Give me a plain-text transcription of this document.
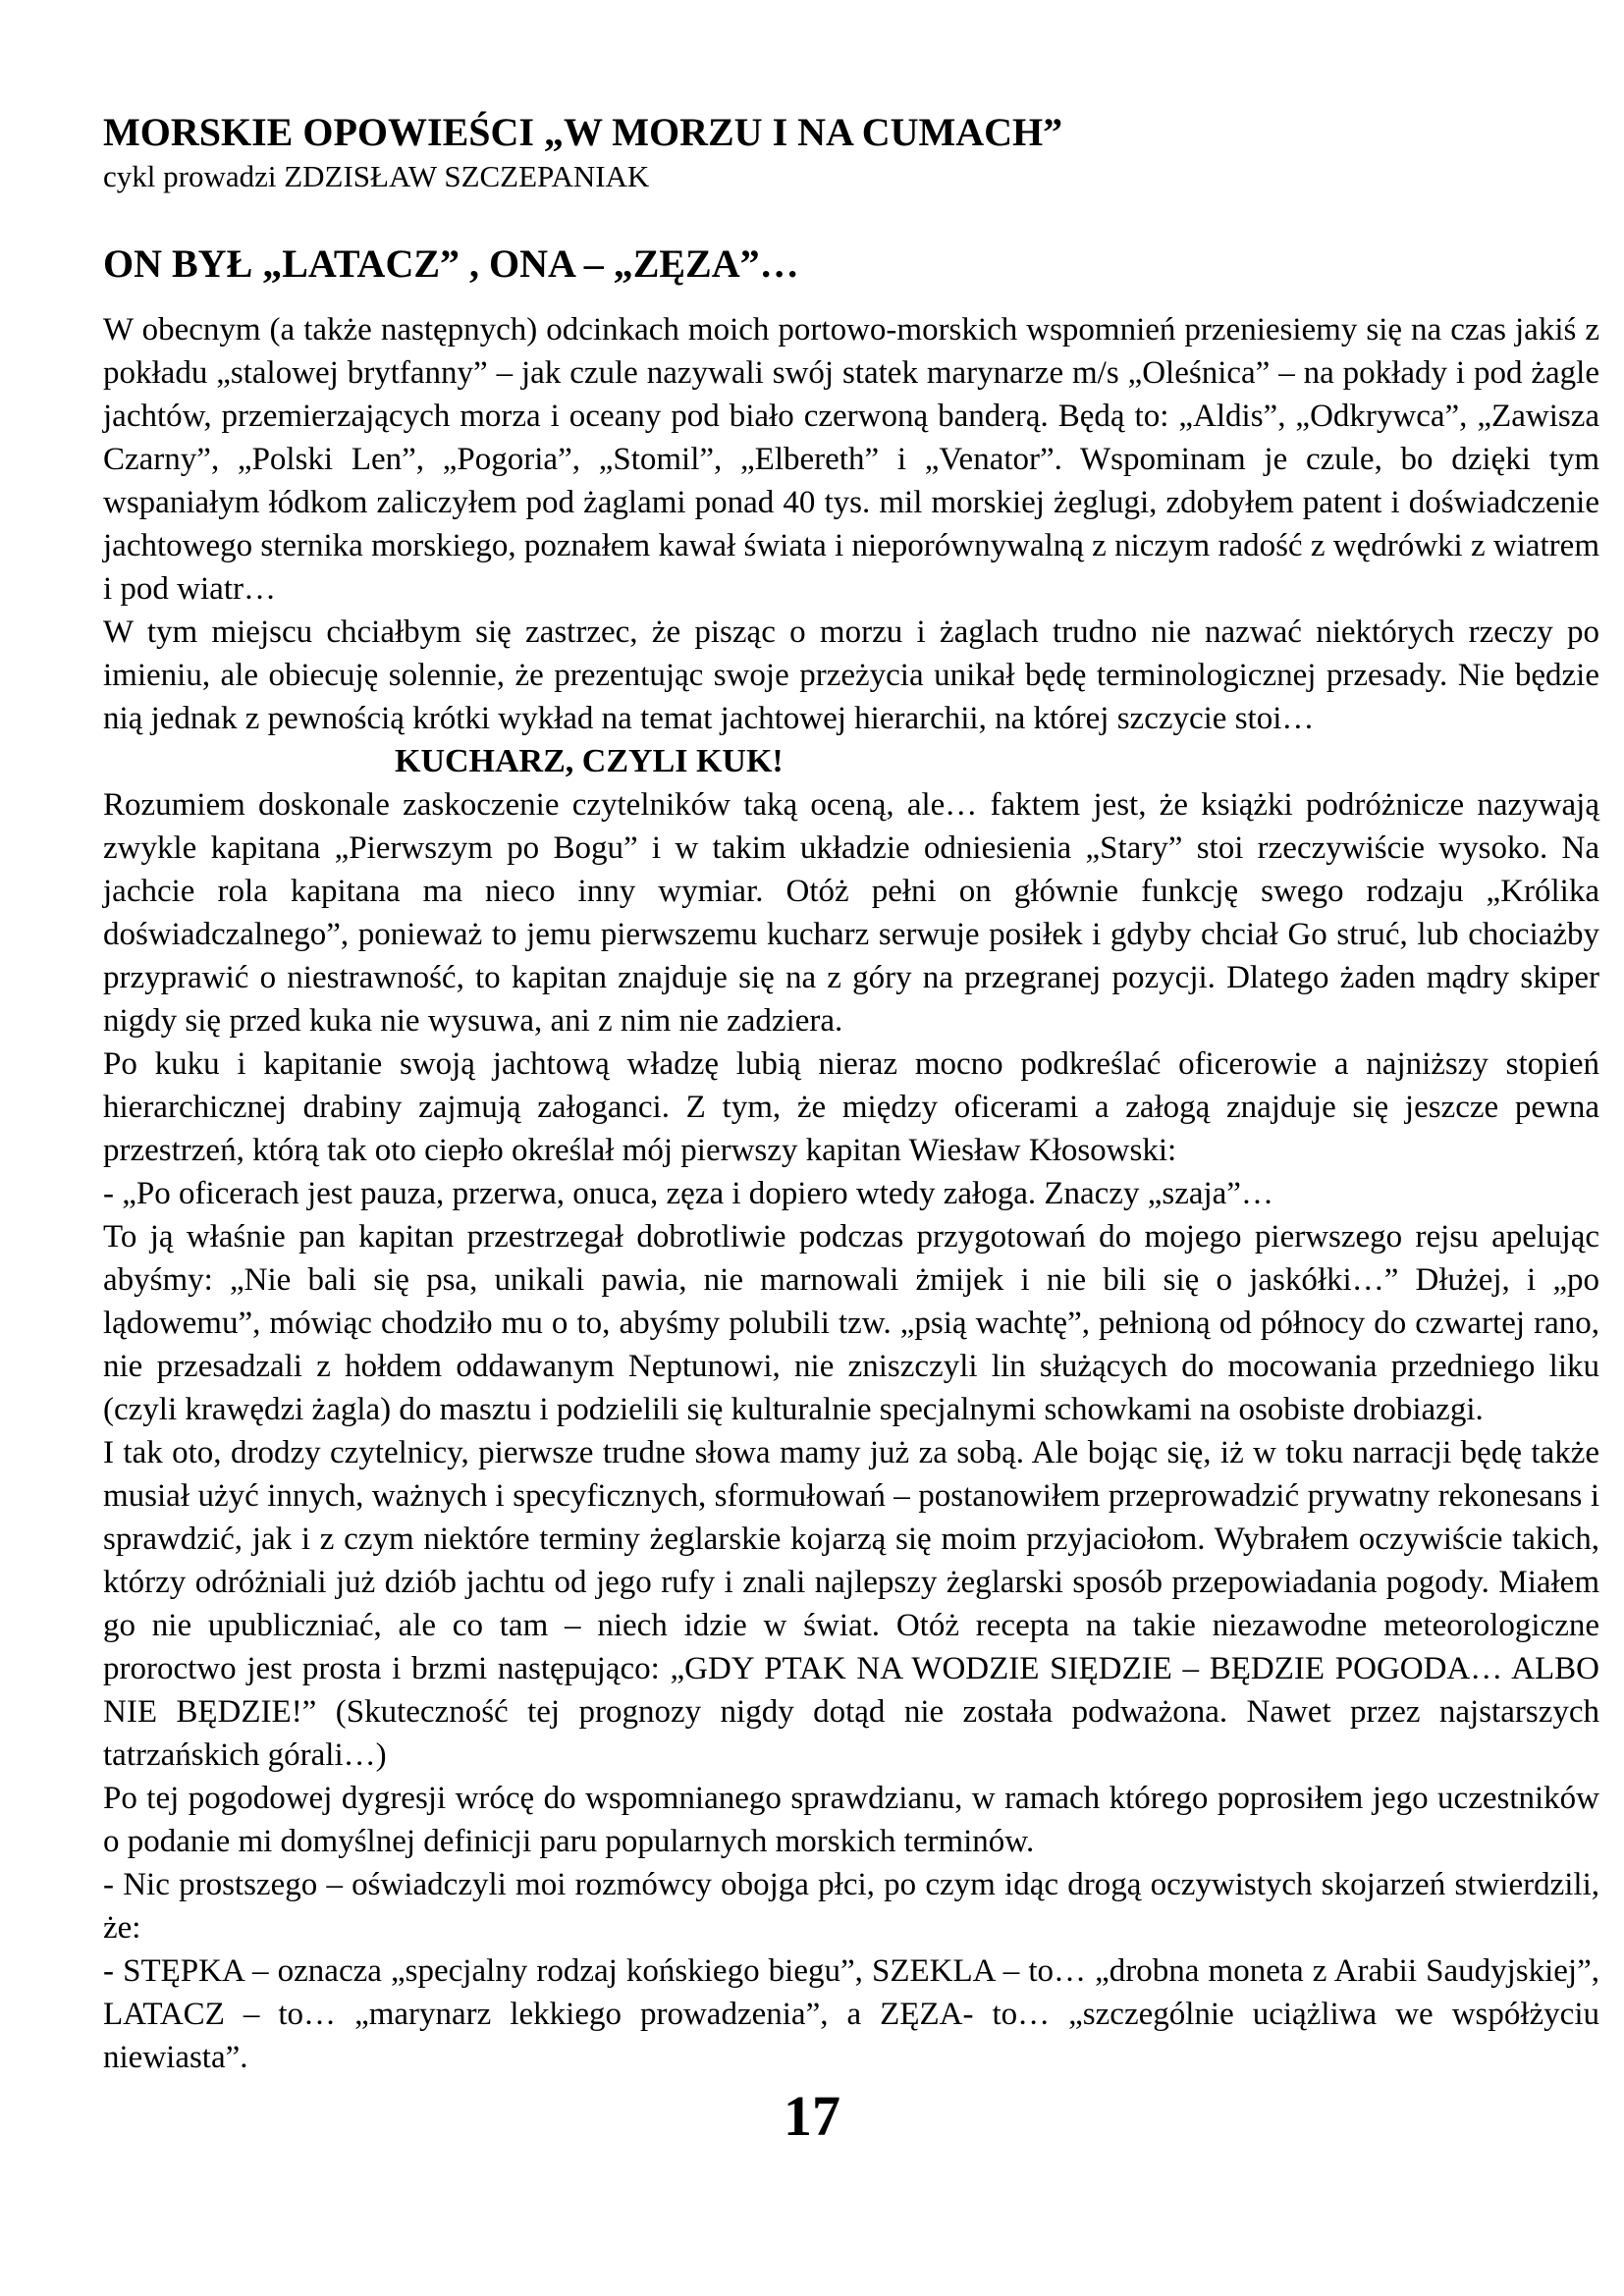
MORSKIE OPOWIEŚCI „W MORZU I NA CUMACH”

cykl prowadzi ZDZISŁAW SZCZEPANIAK

ON BYŁ „LATACZ” , ONA – „ZĘZA”…

W obecnym (a także następnych) odcinkach moich portowo-morskich wspomnień przeniesiemy się na czas jakiś z pokładu „stalowej brytfanny” – jak czule nazywali swój statek marynarze m/s „Oleśnica” – na pokłady i pod żagle jachtów, przemierzających morza i oceany pod biało czerwoną banderą. Będą to: „Aldis”, „Odkrywca”, „Zawisza Czarny”, „Polski Len”, „Pogoria”, „Stomil”, „Elbereth” i „Venator”. Wspominam je czule, bo dzięki tym wspaniałym łódkom zaliczyłem pod żaglami ponad 40 tys. mil morskiej żeglugi, zdobyłem patent i doświadczenie jachtowego sternika morskiego, poznałem kawał świata i nieporównywalną z niczym radość z wędrówki z wiatrem i pod wiatr…

W tym miejscu chciałbym się zastrzec, że pisząc o morzu i żaglach trudno nie nazwać niektórych rzeczy po imieniu, ale obiecuję solennie, że prezentując swoje przeżycia unikał będę terminologicznej przesady. Nie będzie nią jednak z pewnością krótki wykład na temat jachtowej hierarchii, na której szczycie stoi…

KUCHARZ, CZYLI KUK!

Rozumiem doskonale zaskoczenie czytelników taką oceną, ale… faktem jest, że książki podróżnicze nazywają zwykle kapitana „Pierwszym po Bogu” i w takim układzie odniesienia „Stary” stoi rzeczywiście wysoko. Na jachcie rola kapitana ma nieco inny wymiar. Otóż pełni on głównie funkcję swego rodzaju „Królika doświadczalnego”, ponieważ to jemu pierwszemu kucharz serwuje posiłek i gdyby chciał Go struć, lub chociażby przyprawić o niestrawność, to kapitan znajduje się na z góry na przegranej pozycji. Dlatego żaden mądry skiper nigdy się przed kuka nie wysuwa, ani z nim nie zadziera.

Po kuku i kapitanie swoją jachtową władzę lubią nieraz mocno podkreślać oficerowie a najniższy stopień hierarchicznej drabiny zajmują załoganci. Z tym, że między oficerami a załogą znajduje się jeszcze pewna przestrzeń, którą tak oto ciepło określał mój pierwszy kapitan Wiesław Kłosowski:

- „Po oficerach jest pauza, przerwa, onuca, zęza i dopiero wtedy załoga. Znaczy „szaja”…

To ją właśnie pan kapitan przestrzegał dobrotliwie podczas przygotowań do mojego pierwszego rejsu apelując abyśmy: „Nie bali się psa, unikali pawia, nie marnowali żmijek i nie bili się o jaskółki…” Dłużej, i „po lądowemu”, mówiąc chodziło mu o to, abyśmy polubili tzw. „psią wachtę”, pełnioną od północy do czwartej rano, nie przesadzali z hołdem oddawanym Neptunowi, nie zniszczyli lin służących do mocowania przedniego liku (czyli krawędzi żagla) do masztu i podzielili się kulturalnie specjalnymi schowkami na osobiste drobiazgi.

I tak oto, drodzy czytelnicy, pierwsze trudne słowa mamy już za sobą. Ale bojąc się, iż w toku narracji będę także musiał użyć innych, ważnych i specyficznych, sformułowań – postanowiłem przeprowadzić prywatny rekonesans i sprawdzić, jak i z czym niektóre terminy żeglarskie kojarzą się moim przyjaciołom. Wybrałem oczywiście takich, którzy odróżniali już dziób jachtu od jego rufy i znali najlepszy żeglarski sposób przepowiadania pogody. Miałem go nie upubliczniać, ale co tam – niech idzie w świat. Otóż recepta na takie niezawodne meteorologiczne proroctwo jest prosta i brzmi następująco: „GDY PTAK NA WODZIE SIĘDZIE – BĘDZIE POGODA… ALBO NIE BĘDZIE!” (Skuteczność tej prognozy nigdy dotąd nie została podważona. Nawet przez najstarszych tatrzańskich górali…)

Po tej pogodowej dygresji wrócę do wspomnianego sprawdzianu, w ramach którego poprosiłem jego uczestników o podanie mi domyślnej definicji paru popularnych morskich terminów.

- Nic prostszego – oświadczyli moi rozmówcy obojga płci, po czym idąc drogą oczywistych skojarzeń stwierdzili, że:

- STĘPKA – oznacza „specjalny rodzaj końskiego biegu”, SZEKLA – to… „drobna moneta z Arabii Saudyjskiej”, LATACZ – to… „marynarz lekkiego prowadzenia”, a ZĘZA- to… „szczególnie uciążliwa we współżyciu niewiasta”.

17
